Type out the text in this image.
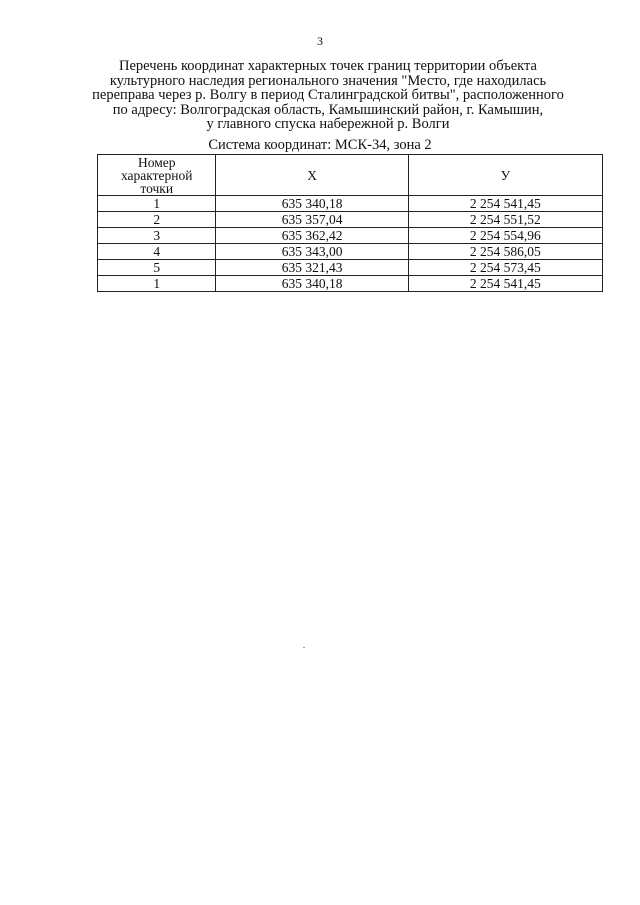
3
Перечень координат характерных точек границ территории объекта
культурного наследия регионального значения "Место, где находилась
переправа через р. Волгу в период Сталинградской битвы", расположенного
по адресу: Волгоградская область, Камышинский район, г. Камышин,
у главного спуска набережной р. Волги
Система координат: МСК-34, зона 2
Номер
характерной
точки	X	У
1	635 340,18	2 254 541,45
2	635 357,04	2 254 551,52
3	635 362,42	2 254 554,96
4	635 343,00	2 254 586,05
5	635 321,43	2 254 573,45
1	635 340,18	2 254 541,45
